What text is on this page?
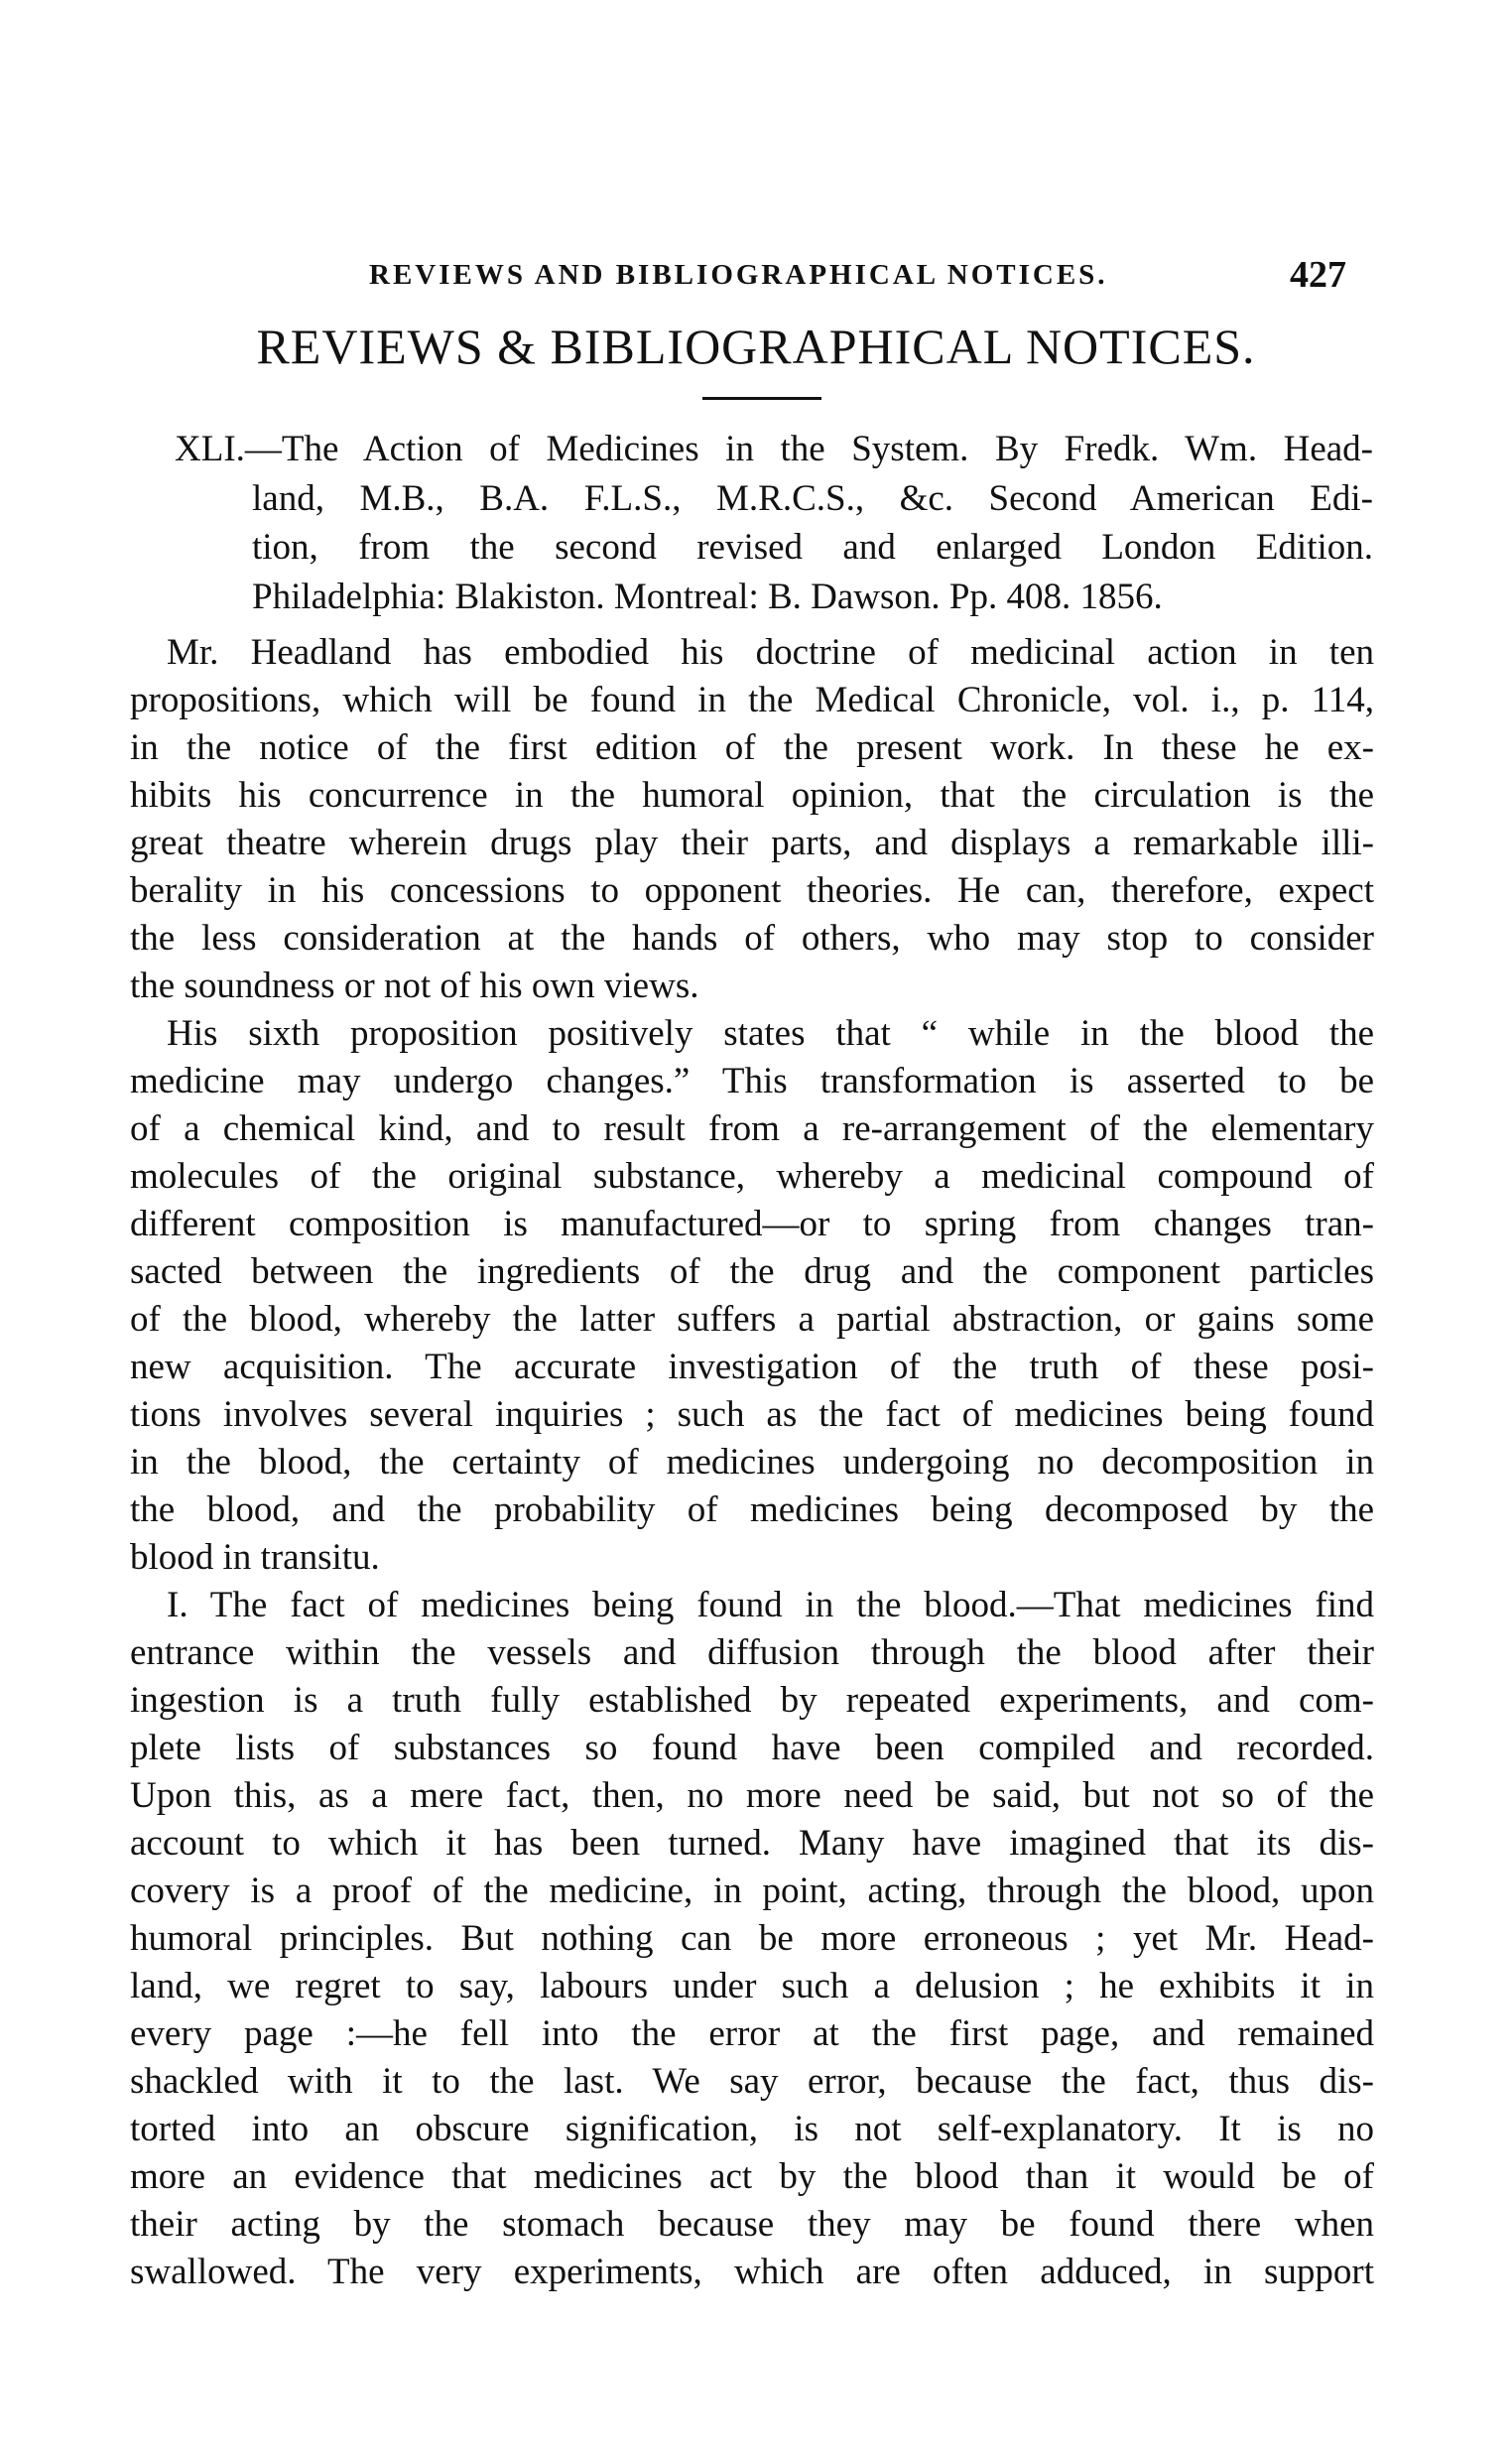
REVIEWS AND BIBLIOGRAPHICAL NOTICES.	427
REVIEWS & BIBLIOGRAPHICAL NOTICES.
XLI.—The Action of Medicines in the System. By Fredk. Wm. Head-
land, M.B., B.A. F.L.S., M.R.C.S., &c. Second American Edi-
tion, from the second revised and enlarged London Edition.
Philadelphia: Blakiston. Montreal: B. Dawson. Pp. 408. 1856.
Mr. Headland has embodied his doctrine of medicinal action in ten
propositions, which will be found in the Medical Chronicle, vol. i., p. 114,
in the notice of the first edition of the present work. In these he ex-
hibits his concurrence in the humoral opinion, that the circulation is the
great theatre wherein drugs play their parts, and displays a remarkable illi-
berality in his concessions to opponent theories. He can, therefore, expect
the less consideration at the hands of others, who may stop to consider
the soundness or not of his own views.
His sixth proposition positively states that “ while in the blood the
medicine may undergo changes.” This transformation is asserted to be
of a chemical kind, and to result from a re-arrangement of the elementary
molecules of the original substance, whereby a medicinal compound of
different composition is manufactured—or to spring from changes tran-
sacted between the ingredients of the drug and the component particles
of the blood, whereby the latter suffers a partial abstraction, or gains some
new acquisition. The accurate investigation of the truth of these posi-
tions involves several inquiries ; such as the fact of medicines being found
in the blood, the certainty of medicines undergoing no decomposition in
the blood, and the probability of medicines being decomposed by the
blood in transitu.
I. The fact of medicines being found in the blood.—That medicines find
entrance within the vessels and diffusion through the blood after their
ingestion is a truth fully established by repeated experiments, and com-
plete lists of substances so found have been compiled and recorded.
Upon this, as a mere fact, then, no more need be said, but not so of the
account to which it has been turned. Many have imagined that its dis-
covery is a proof of the medicine, in point, acting, through the blood, upon
humoral principles. But nothing can be more erroneous ; yet Mr. Head-
land, we regret to say, labours under such a delusion ; he exhibits it in
every page :—he fell into the error at the first page, and remained
shackled with it to the last. We say error, because the fact, thus dis-
torted into an obscure signification, is not self-explanatory. It is no
more an evidence that medicines act by the blood than it would be of
their acting by the stomach because they may be found there when
swallowed. The very experiments, which are often adduced, in support
